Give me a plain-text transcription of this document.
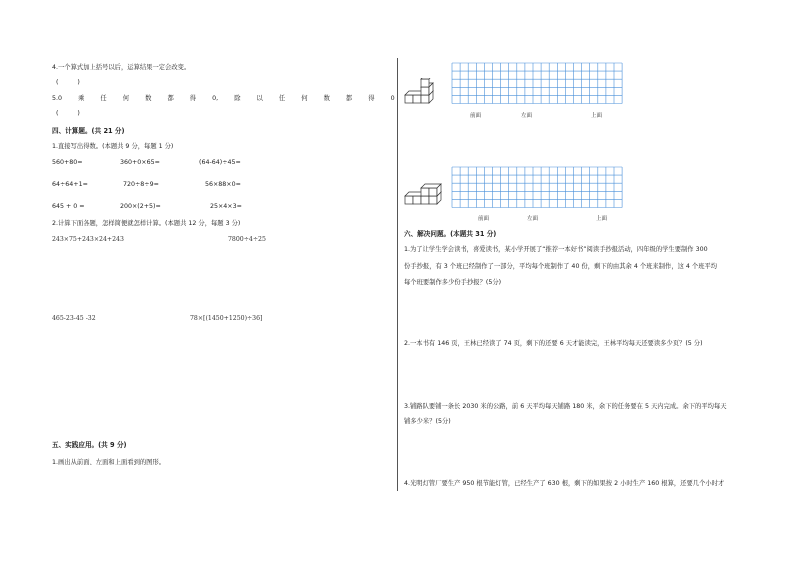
4.一个算式加上括号以后，运算结果一定会改变。
(　　　)
5.0	乘	任	何	数	都	得	0,	除	以	任	何	数	都	得	0
(　　　)
四、计算题。(共 21 分)
1.直接写出得数。(本题共 9 分，每题 1 分)
560+80=	360+0×65=	(64-64)÷45=
64÷64+1=	720÷8÷9=	56×88×0=
645 + 0 =	200×(2+5)=	25×4×3=
2.计算下面各题，怎样简便就怎样计算。(本题共 12 分，每题 3 分)
243×75+243×24+243	7800÷4÷25
465-23-45 -32	78×[(1450+1250)÷36]
五、实践应用。(共 9 分)
1.画出从前面、左面和上面看到的图形。
前面	左面	上面
前面	左面	上面
六、解决问题。(本题共 31 分)
1.为了让学生学会读书，喜爱读书，某小学开展了“推荐一本好书”阅读手抄报活动，四年级的学生要制作 300
份手抄报，有 3 个班已经制作了一部分，平均每个班制作了 40 份，剩下的由其余 4 个班来制作，这 4 个班平均
每个班要制作多少份手抄报？(5分)
2.一本书有 146 页，王林已经读了 74 页，剩下的还要 6 天才能读完，王林平均每天还要读多少页？(5 分)
3.铺路队要铺一条长 2030 米的公路，前 6 天平均每天铺路 180 米，余下的任务要在 5 天内完成。余下的平均每天
铺多少米？(5分)
4.光明灯管厂要生产 950 根节能灯管，已经生产了 630 根，剩下的如果按 2 小时生产 160 根算，还要几个小时才
